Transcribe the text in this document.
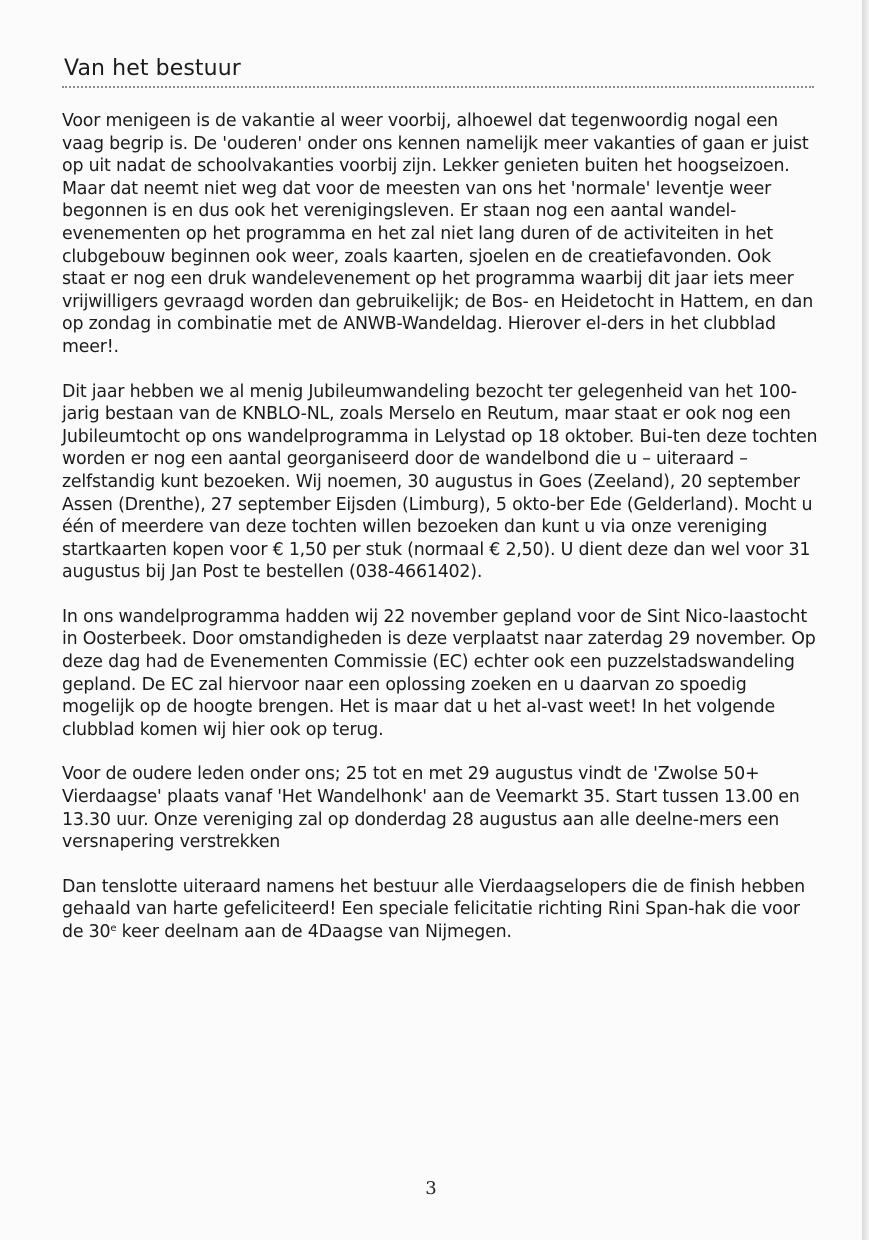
Van het bestuur

Voor menigeen is de vakantie al weer voorbij, alhoewel dat tegenwoordig nogal een vaag begrip is. De 'ouderen' onder ons kennen namelijk meer vakanties of gaan er juist op uit nadat de schoolvakanties voorbij zijn. Lekker genieten buiten het hoogseizoen.

Maar dat neemt niet weg dat voor de meesten van ons het 'normale' leventje weer begonnen is en dus ook het verenigingsleven. Er staan nog een aantal wandel-evenementen op het programma en het zal niet lang duren of de activiteiten in het clubgebouw beginnen ook weer, zoals kaarten, sjoelen en de creatiefavonden. Ook staat er nog een druk wandelevenement op het programma waarbij dit jaar iets meer vrijwilligers gevraagd worden dan gebruikelijk; de Bos- en Heidetocht in Hattem, en dan op zondag in combinatie met de ANWB-Wandeldag. Hierover el-ders in het clubblad meer!.

Dit jaar hebben we al menig Jubileumwandeling bezocht ter gelegenheid van het 100-jarig bestaan van de KNBLO-NL, zoals Merselo en Reutum, maar staat er ook nog een Jubileumtocht op ons wandelprogramma in Lelystad op 18 oktober. Bui-ten deze tochten worden er nog een aantal georganiseerd door de wandelbond die u – uiteraard – zelfstandig kunt bezoeken. Wij noemen, 30 augustus in Goes (Zeeland), 20 september Assen (Drenthe), 27 september Eijsden (Limburg), 5 okto-ber Ede (Gelderland). Mocht u één of meerdere van deze tochten willen bezoeken dan kunt u via onze vereniging startkaarten kopen voor € 1,50 per stuk (normaal € 2,50). U dient deze dan wel voor 31 augustus bij Jan Post te bestellen (038-4661402).

In ons wandelprogramma hadden wij 22 november gepland voor de Sint Nico-laastocht in Oosterbeek. Door omstandigheden is deze verplaatst naar zaterdag 29 november. Op deze dag had de Evenementen Commissie (EC) echter ook een puzzelstadswandeling gepland. De EC zal hiervoor naar een oplossing zoeken en u daarvan zo spoedig mogelijk op de hoogte brengen. Het is maar dat u het al-vast weet! In het volgende clubblad komen wij hier ook op terug.

Voor de oudere leden onder ons; 25 tot en met 29 augustus vindt de 'Zwolse 50+ Vierdaagse' plaats vanaf 'Het Wandelhonk' aan de Veemarkt 35. Start tussen 13.00 en 13.30 uur. Onze vereniging zal op donderdag 28 augustus aan alle deelne-mers een versnapering verstrekken

Dan tenslotte uiteraard namens het bestuur alle Vierdaagselopers die de finish hebben gehaald van harte gefeliciteerd! Een speciale felicitatie richting Rini Span-hak die voor de 30e keer deelnam aan de 4Daagse van Nijmegen.

3
